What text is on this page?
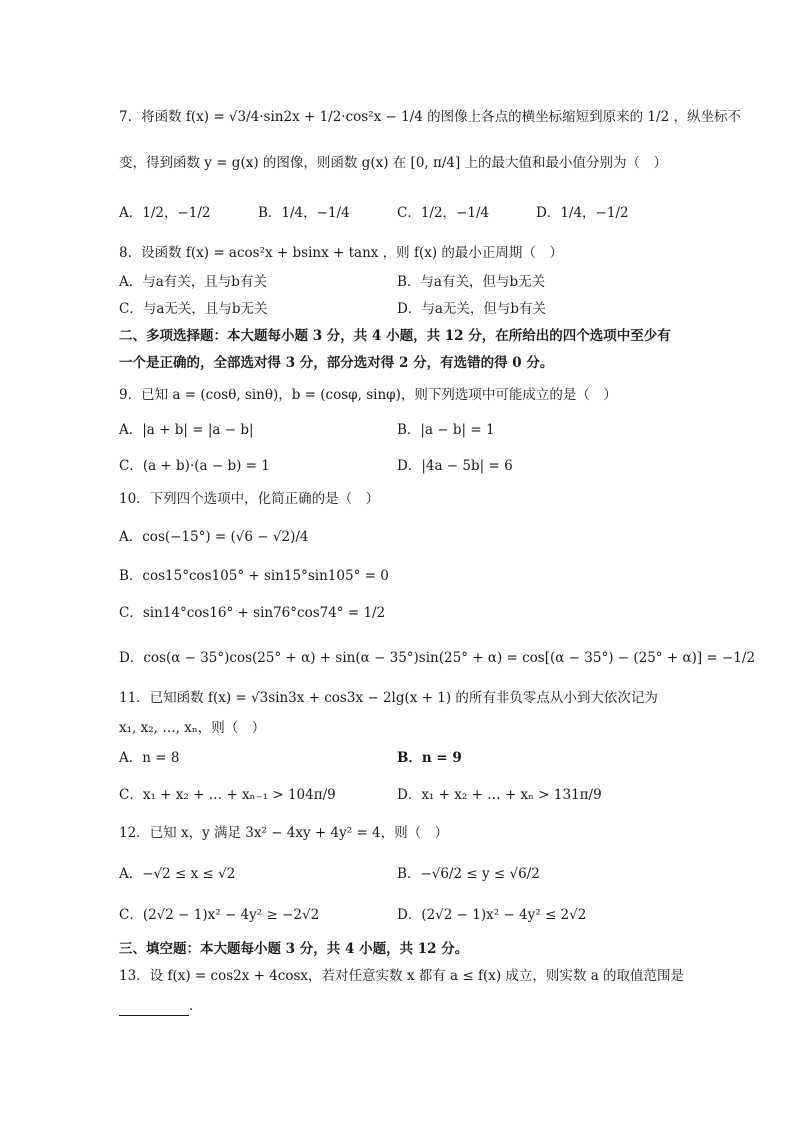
7．将函数 f(x) = √3/4·sin2x + 1/2·cos²x − 1/4 的图像上各点的横坐标缩短到原来的 1/2 ，纵坐标不
变，得到函数 y = g(x) 的图像，则函数 g(x) 在 [0, π/4] 上的最大值和最小值分别为（　）
A．1/2，−1/2	B．1/4，−1/4	C．1/2，−1/4	D．1/4，−1/2
8．设函数 f(x) = acos²x + bsinx + tanx ，则 f(x) 的最小正周期（　）
A．与a有关，且与b有关	B．与a有关，但与b无关
C．与a无关，且与b无关	D．与a无关，但与b有关
二、多项选择题：本大题每小题 3 分，共 4 小题，共 12 分，在所给出的四个选项中至少有
一个是正确的，全部选对得 3 分，部分选对得 2 分，有选错的得 0 分。
9．已知 a = (cosθ, sinθ)，b = (cosφ, sinφ)，则下列选项中可能成立的是（　）
A．|a + b| = |a − b|	B．|a − b| = 1
C．(a + b)·(a − b) = 1	D．|4a − 5b| = 6
10．下列四个选项中，化简正确的是（　）
A．cos(−15°) = (√6 − √2)/4
B．cos15°cos105° + sin15°sin105° = 0
C．sin14°cos16° + sin76°cos74° = 1/2
D．cos(α − 35°)cos(25° + α) + sin(α − 35°)sin(25° + α) = cos[(α − 35°) − (25° + α)] = −1/2
11．已知函数 f(x) = √3sin3x + cos3x − 2lg(x + 1) 的所有非负零点从小到大依次记为
x₁, x₂, …, xₙ，则（　）
A．n = 8	B．n = 9
C．x₁ + x₂ + … + xₙ₋₁ > 104π/9	D．x₁ + x₂ + … + xₙ > 131π/9
12．已知 x，y 满足 3x² − 4xy + 4y² = 4，则（　）
A．−√2 ≤ x ≤ √2	B．−√6/2 ≤ y ≤ √6/2
C．(2√2 − 1)x² − 4y² ≥ −2√2	D．(2√2 − 1)x² − 4y² ≤ 2√2
三、填空题：本大题每小题 3 分，共 4 小题，共 12 分。
13．设 f(x) = cos2x + 4cosx，若对任意实数 x 都有 a ≤ f(x) 成立，则实数 a 的取值范围是
．
